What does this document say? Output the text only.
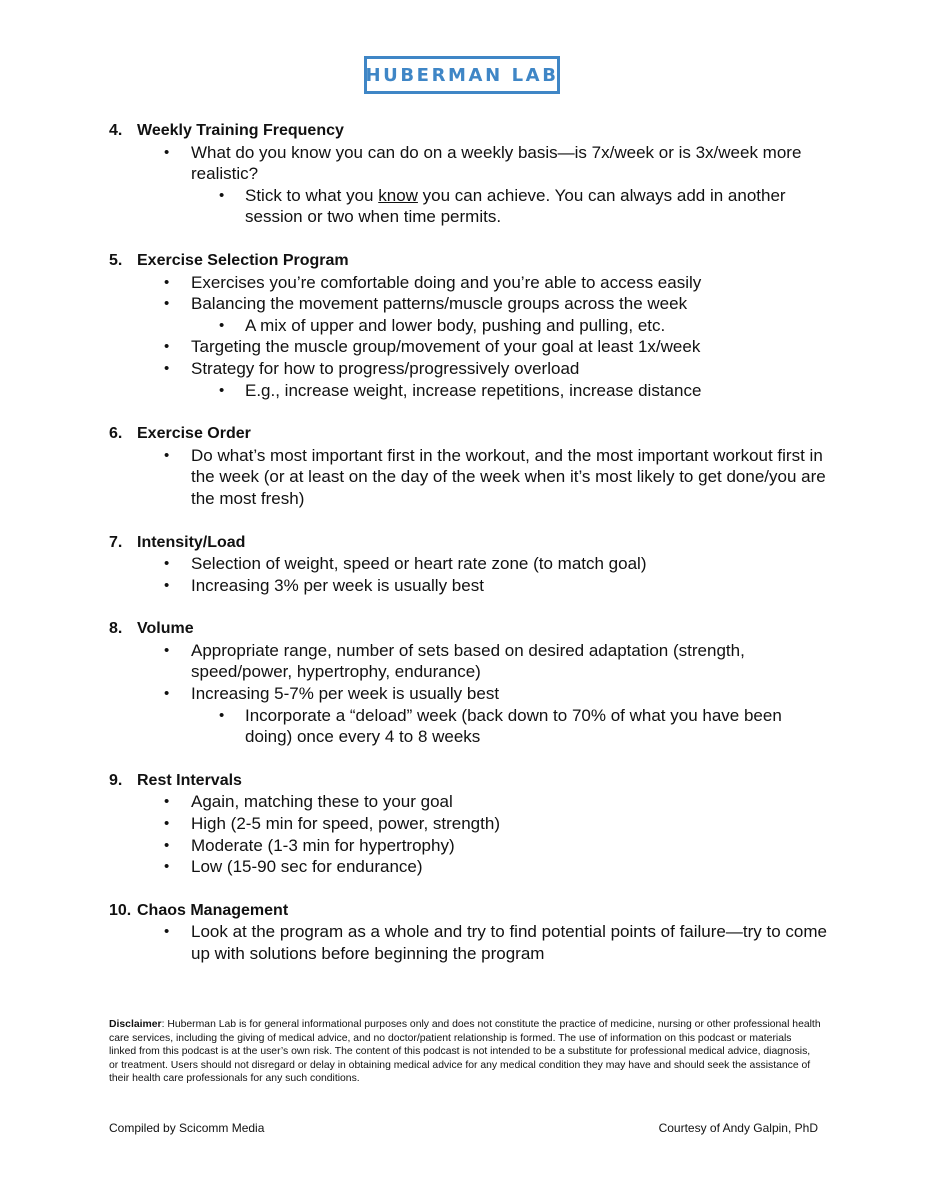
HUBERMAN LAB
4. Weekly Training Frequency
• What do you know you can do on a weekly basis—is 7x/week or is 3x/week more realistic?
• Stick to what you know you can achieve. You can always add in another session or two when time permits.
5. Exercise Selection Program
• Exercises you’re comfortable doing and you’re able to access easily
• Balancing the movement patterns/muscle groups across the week
• A mix of upper and lower body, pushing and pulling, etc.
• Targeting the muscle group/movement of your goal at least 1x/week
• Strategy for how to progress/progressively overload
• E.g., increase weight, increase repetitions, increase distance
6. Exercise Order
• Do what’s most important first in the workout, and the most important workout first in the week (or at least on the day of the week when it’s most likely to get done/you are the most fresh)
7. Intensity/Load
• Selection of weight, speed or heart rate zone (to match goal)
• Increasing 3% per week is usually best
8. Volume
• Appropriate range, number of sets based on desired adaptation (strength, speed/power, hypertrophy, endurance)
• Increasing 5-7% per week is usually best
• Incorporate a “deload” week (back down to 70% of what you have been doing) once every 4 to 8 weeks
9. Rest Intervals
• Again, matching these to your goal
• High (2-5 min for speed, power, strength)
• Moderate (1-3 min for hypertrophy)
• Low (15-90 sec for endurance)
10. Chaos Management
• Look at the program as a whole and try to find potential points of failure—try to come up with solutions before beginning the program
Disclaimer: Huberman Lab is for general informational purposes only and does not constitute the practice of medicine, nursing or other professional health care services, including the giving of medical advice, and no doctor/patient relationship is formed. The use of information on this podcast or materials linked from this podcast is at the user’s own risk. The content of this podcast is not intended to be a substitute for professional medical advice, diagnosis, or treatment. Users should not disregard or delay in obtaining medical advice for any medical condition they may have and should seek the assistance of their health care professionals for any such conditions.
Compiled by Scicomm Media	Courtesy of Andy Galpin, PhD
